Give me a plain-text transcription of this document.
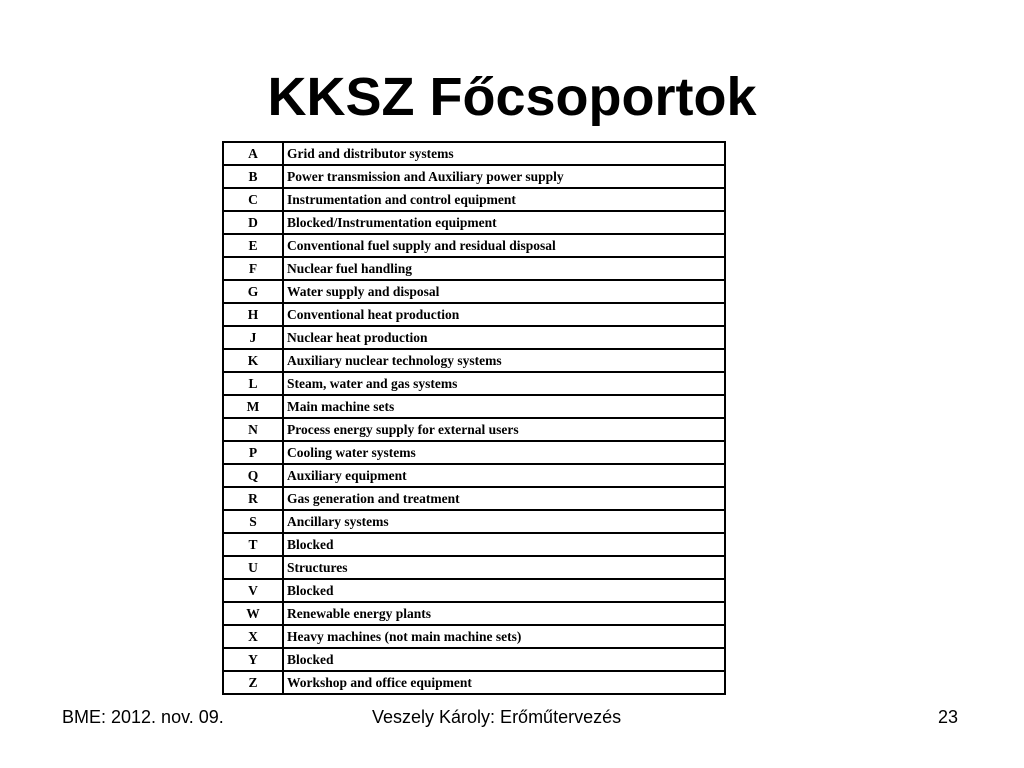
KKSZ Főcsoportok
A	Grid and distributor systems
B	Power transmission and Auxiliary power supply
C	Instrumentation and control equipment
D	Blocked/Instrumentation equipment
E	Conventional fuel supply and residual disposal
F	Nuclear fuel handling
G	Water supply and disposal
H	Conventional heat production
J	Nuclear heat production
K	Auxiliary nuclear technology systems
L	Steam, water and gas systems
M	Main machine sets
N	Process energy supply for external users
P	Cooling water systems
Q	Auxiliary equipment
R	Gas generation and treatment
S	Ancillary systems
T	Blocked
U	Structures
V	Blocked
W	Renewable energy plants
X	Heavy machines (not main machine sets)
Y	Blocked
Z	Workshop and office equipment
BME: 2012. nov. 09.	Veszely Károly: Erőműtervezés	23
